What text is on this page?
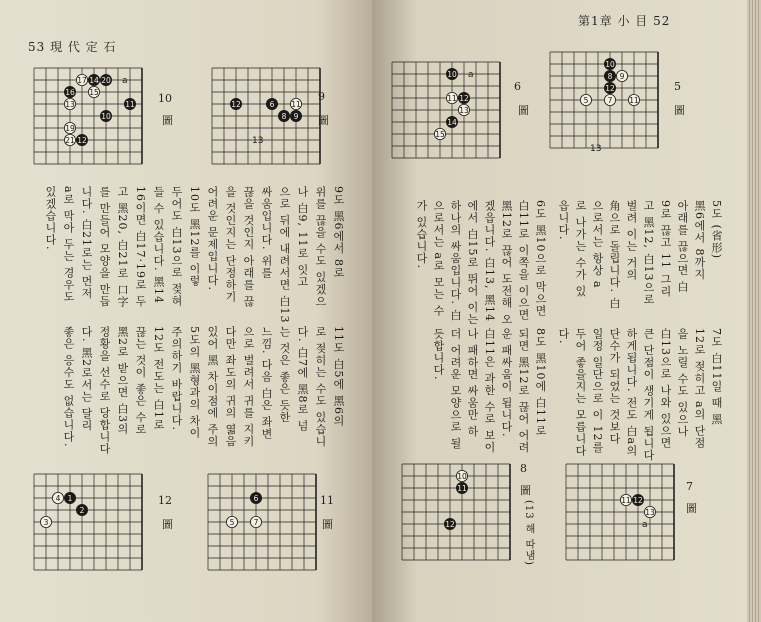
53 現 代 定 石
17 14 20
15
16
13	11
10
19
21 12
a
10
圖
12	6 11
8 9
13
9
圖
9도 黑6에서 8로
위를 끊을 수도 있겠으
나 白9, 11로 잇고
으로 뒤에 내려서면 白13
싸움입니다. 위를
끊을 것인지 아래를 끊
을 것인지는 단정하기
어려운 문제입니다.
10도 黑12를 이렇
두어도 白13으로 젖혀
들 수 있습니다. 黑14
16이면 白17·19로 두
고 黑20, 白21로 口字
를 만들어 모양을 만듭
니다. 白21로는 먼저
a로 막아 두는 경우도
있겠습니다.
11도 白5에 黑6의
로 젖히는 수도 있습니
다. 白7에 黑8로 넘
는 것은 좋은 듯한
느낌. 다음 白은 좌변
으로 벌려서 귀를 지키
다만 좌도의 귀의 엷음
있어 黑 차이점에 주의
5도의 黑형과의 차이
주의하기 바랍니다.
12도 전도는 白1로
끊는 것이 좋은 수로
黑2로 받으면 白3의
정황을 선수로 당합니다
다. 黑2로서는 달리
좋은 응수도 없습니다.
4 1
2
3
12
圖
6
5	7
11
圖
第1章 小 目 52
10
11 12
13
14
15
a
6
圖
10
12
8 9
5	7 11
13
5
圖
5도 (省形)
黑6에서 8까지
아래를 끊으면 白
9로 끊고 11 그리
고 黑12, 白13으로
벌려 이는 거의
角으로 돌립니다. 白
으로서는 항상 a
로 나가는 수가 있
읍니다.
6도 黑10으로 막으면
白11로 이쪽을 이으면
黑12로 끊어 도전해 오
겠읍니다. 白13, 黑14
에서 白15로 뛰어 이는
하나의 싸움입니다. 白
으로서는 a로 모는 수
가 있습니다.
7도 白11일 때 黑
12로 젖히고 a의 단점
을 노릴 수도 있으나
白13으로 나와 있으면
큰 단점이 생기게 됩니다
하게됩니다. 전도 白a의
단수가 되었는 것보다
일정 일단으로 이 12를
두어 좋을지는 모릅니다
다.
8도 黑10에 白11로
되면 黑12로 끊어 어려
운 패싸움이 됩니다.
白11은 과한 수로 보이
나 패하면 싸움만 하
더 어려운 모양으로 될
듯합니다.
10
11
12
8
圖
(13 해 따냄)	12
11
13
a
7
圖
